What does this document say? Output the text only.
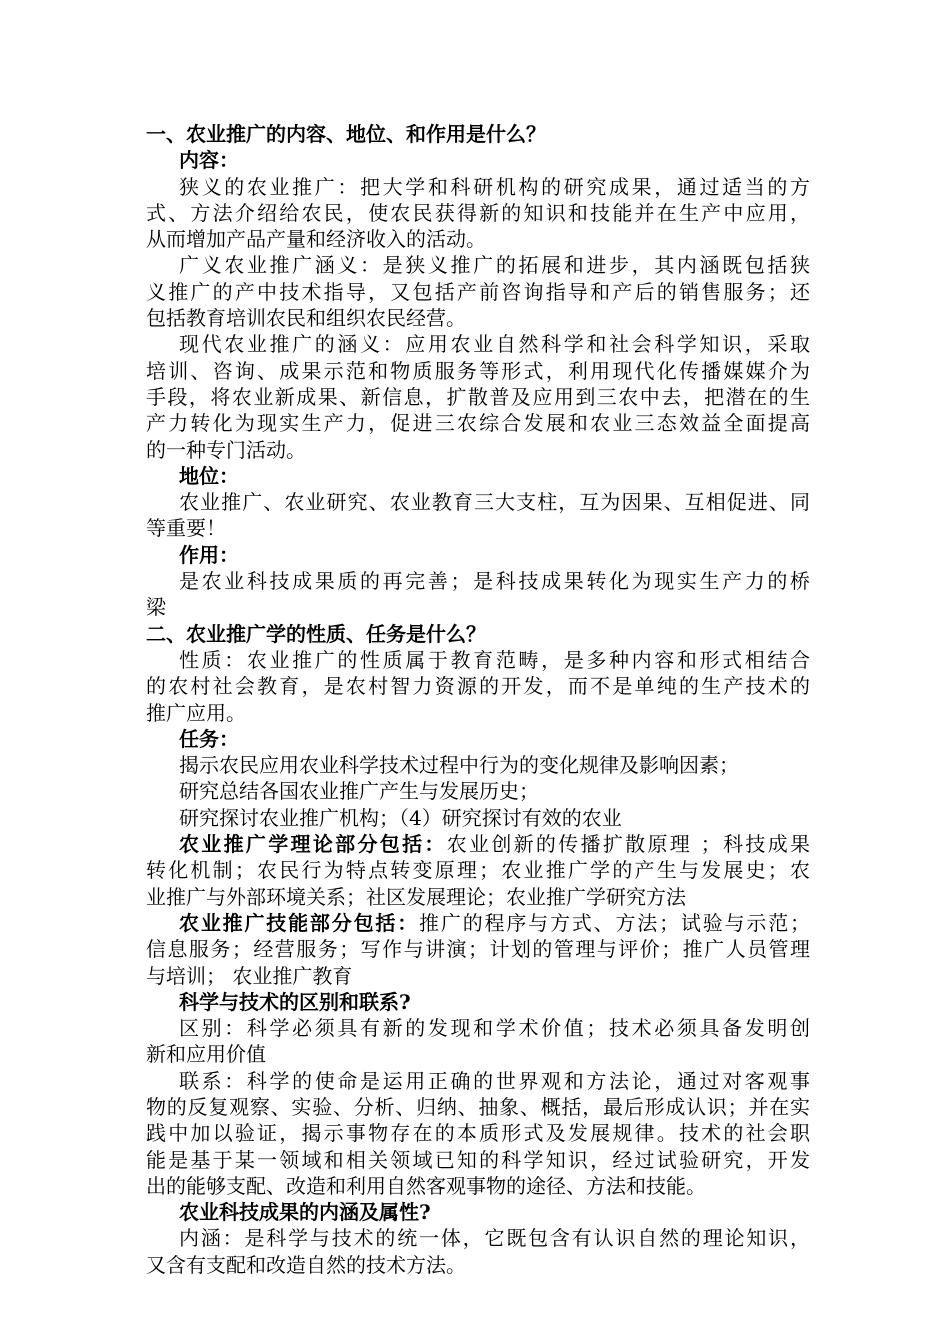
一、农业推广的内容、地位、和作用是什么？
内容：
狭义的农业推广：把大学和科研机构的研究成果，通过适当的方
式、方法介绍给农民，使农民获得新的知识和技能并在生产中应用，
从而增加产品产量和经济收入的活动。
广义农业推广涵义：是狭义推广的拓展和进步，其内涵既包括狭
义推广的产中技术指导，又包括产前咨询指导和产后的销售服务；还
包括教育培训农民和组织农民经营。
现代农业推广的涵义：应用农业自然科学和社会科学知识，采取
培训、咨询、成果示范和物质服务等形式，利用现代化传播媒媒介为
手段，将农业新成果、新信息，扩散普及应用到三农中去，把潜在的生
产力转化为现实生产力，促进三农综合发展和农业三态效益全面提高
的一种专门活动。
地位：
农业推广、农业研究、农业教育三大支柱，互为因果、互相促进、同
等重要！
作用：
是农业科技成果质的再完善；是科技成果转化为现实生产力的桥
梁
二、农业推广学的性质、任务是什么？
性质：农业推广的性质属于教育范畴，是多种内容和形式相结合
的农村社会教育，是农村智力资源的开发，而不是单纯的生产技术的
推广应用。
任务：
揭示农民应用农业科学技术过程中行为的变化规律及影响因素；
研究总结各国农业推广产生与发展历史；
研究探讨农业推广机构；（4）研究探讨有效的农业
农业推广学理论部分包括：农业创新的传播扩散原理 ；科技成果
转化机制；农民行为特点转变原理；农业推广学的产生与发展史；农
业推广与外部环境关系；社区发展理论；农业推广学研究方法
农业推广技能部分包括：推广的程序与方式、方法；试验与示范；
信息服务；经营服务；写作与讲演；计划的管理与评价；推广人员管理
与培训； 农业推广教育
科学与技术的区别和联系?
区别：科学必须具有新的发现和学术价值；技术必须具备发明创
新和应用价值
联系：科学的使命是运用正确的世界观和方法论，通过对客观事
物的反复观察、实验、分析、归纳、抽象、概括，最后形成认识；并在实
践中加以验证，揭示事物存在的本质形式及发展规律。技术的社会职
能是基于某一领域和相关领域已知的科学知识，经过试验研究，开发
出的能够支配、改造和利用自然客观事物的途径、方法和技能。
农业科技成果的内涵及属性?
内涵：是科学与技术的统一体，它既包含有认识自然的理论知识，
又含有支配和改造自然的技术方法。
